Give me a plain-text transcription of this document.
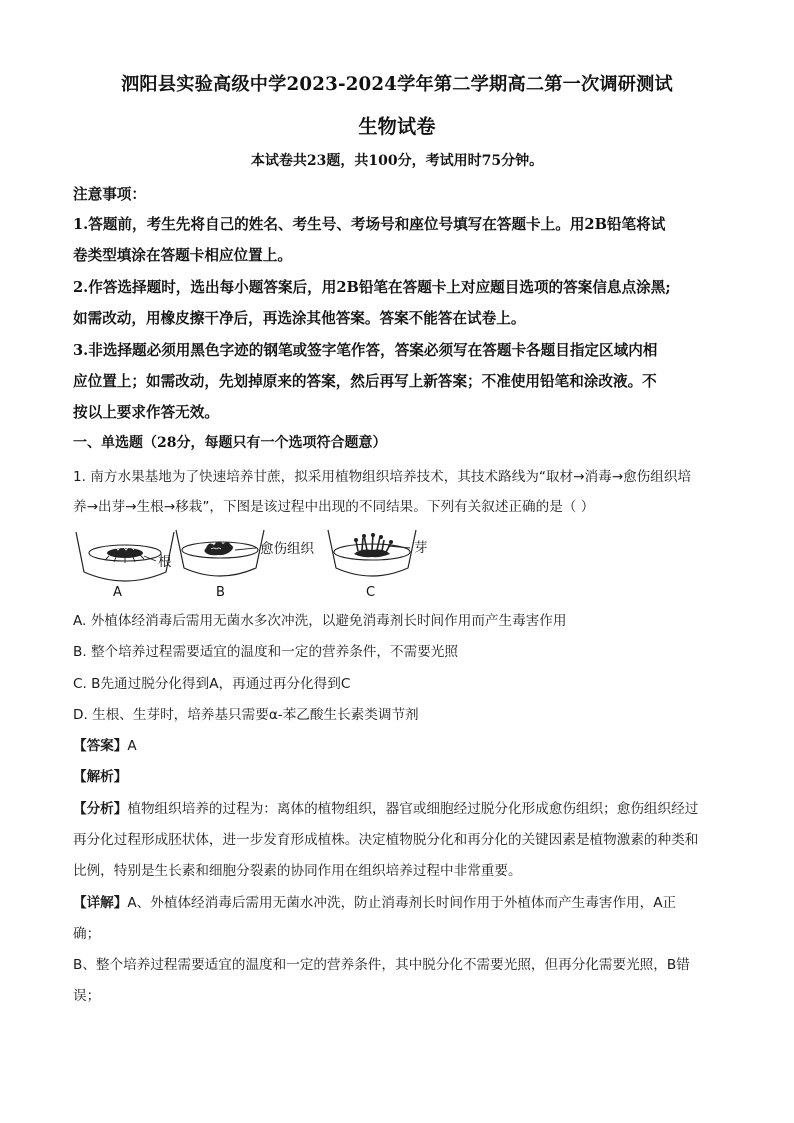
泗阳县实验高级中学2023-2024学年第二学期高二第一次调研测试
生物试卷
本试卷共23题，共100分，考试用时75分钟。
注意事项：
1.答题前，考生先将自己的姓名、考生号、考场号和座位号填写在答题卡上。用2B铅笔将试
卷类型填涂在答题卡相应位置上。
2.作答选择题时，选出每小题答案后，用2B铅笔在答题卡上对应题目选项的答案信息点涂黑;
如需改动，用橡皮擦干净后，再选涂其他答案。答案不能答在试卷上。
3.非选择题必须用黑色字迹的钢笔或签字笔作答，答案必须写在答题卡各题目指定区域内相
应位置上；如需改动，先划掉原来的答案，然后再写上新答案；不准使用铅笔和涂改液。不
按以上要求作答无效。
一、单选题（28分，每题只有一个选项符合题意）
1. 南方水果基地为了快速培养甘蔗，拟采用植物组织培养技术，其技术路线为“取材→消毒→愈伤组织培
养→出芽→生根→移栽”，下图是该过程中出现的不同结果。下列有关叙述正确的是（ ）
根
A
愈伤组织
B
芽
C
A. 外植体经消毒后需用无菌水多次冲洗，以避免消毒剂长时间作用而产生毒害作用
B. 整个培养过程需要适宜的温度和一定的营养条件，不需要光照
C. B先通过脱分化得到A，再通过再分化得到C
D. 生根、生芽时，培养基只需要α-苯乙酸生长素类调节剂
【答案】A
【解析】
【分析】植物组织培养的过程为：离体的植物组织，器官或细胞经过脱分化形成愈伤组织；愈伤组织经过
再分化过程形成胚状体，进一步发育形成植株。决定植物脱分化和再分化的关键因素是植物激素的种类和
比例，特别是生长素和细胞分裂素的协同作用在组织培养过程中非常重要。
【详解】A、外植体经消毒后需用无菌水冲洗，防止消毒剂长时间作用于外植体而产生毒害作用，A正
确；
B、整个培养过程需要适宜的温度和一定的营养条件，其中脱分化不需要光照，但再分化需要光照，B错
误；
